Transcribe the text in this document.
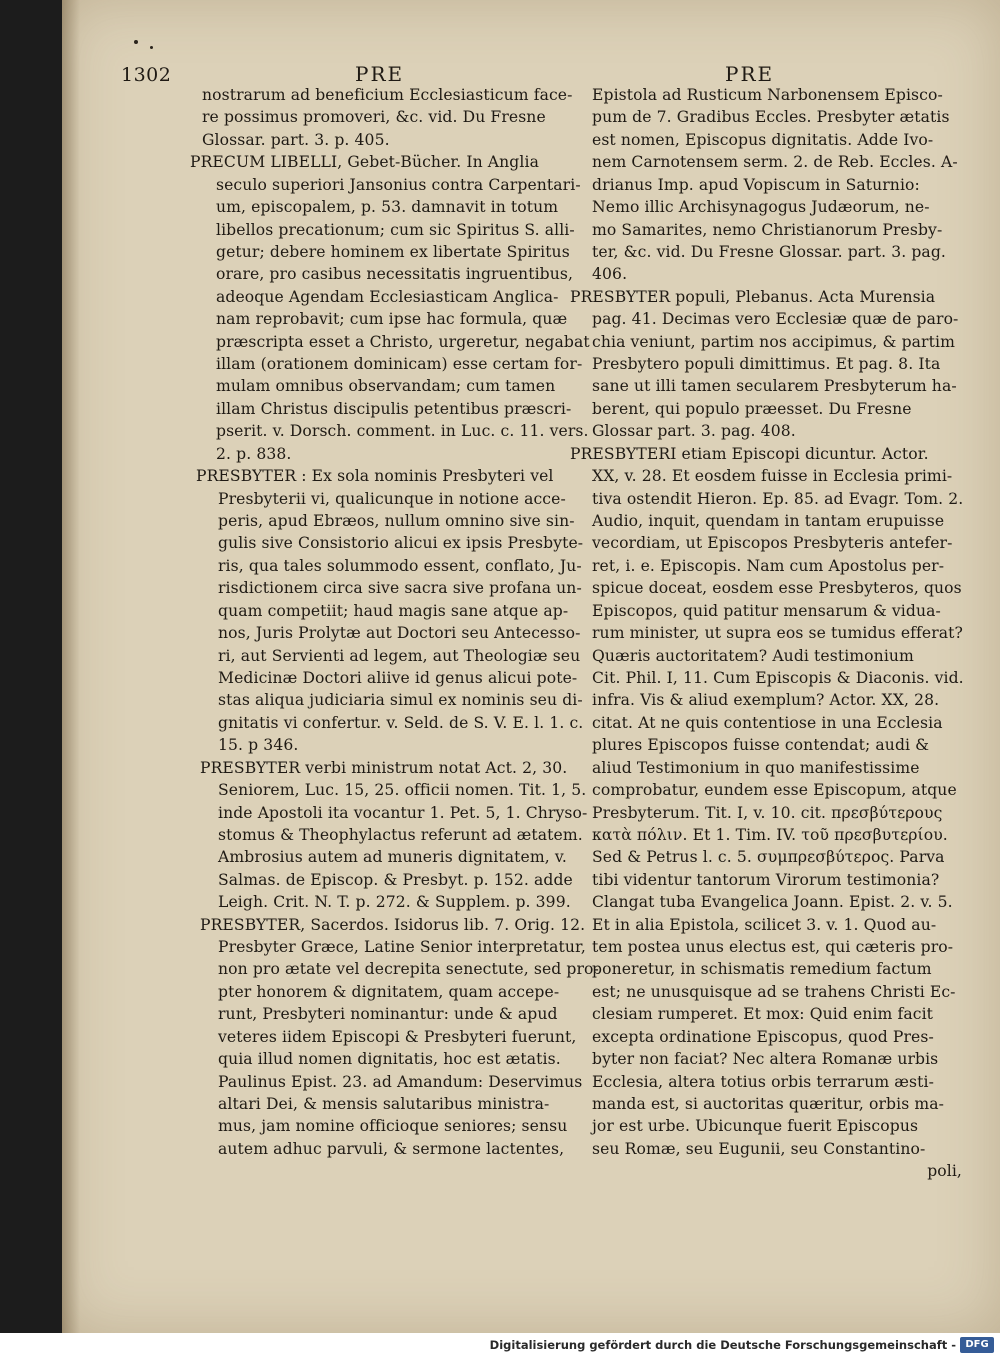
1302	PRE	PRE
nostrarum ad beneficium Ecclesiasticum face-
re possimus promoveri, &c. vid. Du Fresne
Glossar. part. 3. p. 405.
PRECUM LIBELLI, Gebet-Bücher. In Anglia
seculo superiori Jansonius contra Carpentari-
um, episcopalem, p. 53. damnavit in totum
libellos precationum; cum sic Spiritus S. alli-
getur; debere hominem ex libertate Spiritus
orare, pro casibus necessitatis ingruentibus,
adeoque Agendam Ecclesiasticam Anglica-
nam reprobavit; cum ipse hac formula, quæ
præscripta esset a Christo, urgeretur, negabat
illam (orationem dominicam) esse certam for-
mulam omnibus observandam; cum tamen
illam Christus discipulis petentibus præscri-
pserit. v. Dorsch. comment. in Luc. c. 11. vers.
2. p. 838.
PRESBYTER : Ex sola nominis Presbyteri vel
Presbyterii vi, qualicunque in notione acce-
peris, apud Ebræos, nullum omnino sive sin-
gulis sive Consistorio alicui ex ipsis Presbyte-
ris, qua tales solummodo essent, conflato, Ju-
risdictionem circa sive sacra sive profana un-
quam competiit; haud magis sane atque ap-
nos, Juris Prolytæ aut Doctori seu Antecesso-
ri, aut Servienti ad legem, aut Theologiæ seu
Medicinæ Doctori aliive id genus alicui pote-
stas aliqua judiciaria simul ex nominis seu di-
gnitatis vi confertur. v. Seld. de S. V. E. l. 1. c.
15. p 346.
PRESBYTER verbi ministrum notat Act. 2, 30.
Seniorem, Luc. 15, 25. officii nomen. Tit. 1, 5.
inde Apostoli ita vocantur 1. Pet. 5, 1. Chryso-
stomus & Theophylactus referunt ad ætatem.
Ambrosius autem ad muneris dignitatem, v.
Salmas. de Episcop. & Presbyt. p. 152. adde
Leigh. Crit. N. T. p. 272. & Supplem. p. 399.
PRESBYTER, Sacerdos. Isidorus lib. 7. Orig. 12.
Presbyter Græce, Latine Senior interpretatur,
non pro ætate vel decrepita senectute, sed pro-
pter honorem & dignitatem, quam accepe-
runt, Presbyteri nominantur: unde & apud
veteres iidem Episcopi & Presbyteri fuerunt,
quia illud nomen dignitatis, hoc est ætatis.
Paulinus Epist. 23. ad Amandum: Deservimus
altari Dei, & mensis salutaribus ministra-
mus, jam nomine officioque seniores; sensu
autem adhuc parvuli, & sermone lactentes,
Epistola ad Rusticum Narbonensem Episco-
pum de 7. Gradibus Eccles. Presbyter ætatis
est nomen, Episcopus dignitatis. Adde Ivo-
nem Carnotensem serm. 2. de Reb. Eccles. A-
drianus Imp. apud Vopiscum in Saturnio:
Nemo illic Archisynagogus Judæorum, ne-
mo Samarites, nemo Christianorum Presby-
ter, &c. vid. Du Fresne Glossar. part. 3. pag.
406.
PRESBYTER populi, Plebanus. Acta Murensia
pag. 41. Decimas vero Ecclesiæ quæ de paro-
chia veniunt, partim nos accipimus, & partim
Presbytero populi dimittimus. Et pag. 8. Ita
sane ut illi tamen secularem Presbyterum ha-
berent, qui populo præesset. Du Fresne
Glossar part. 3. pag. 408.
PRESBYTERI etiam Episcopi dicuntur. Actor.
XX, v. 28. Et eosdem fuisse in Ecclesia primi-
tiva ostendit Hieron. Ep. 85. ad Evagr. Tom. 2.
Audio, inquit, quendam in tantam erupuisse
vecordiam, ut Episcopos Presbyteris antefer-
ret, i. e. Episcopis. Nam cum Apostolus per-
spicue doceat, eosdem esse Presbyteros, quos
Episcopos, quid patitur mensarum & vidua-
rum minister, ut supra eos se tumidus efferat?
Quæris auctoritatem? Audi testimonium
Cit. Phil. I, 11. Cum Episcopis & Diaconis. vid.
infra. Vis & aliud exemplum? Actor. XX, 28.
citat. At ne quis contentiose in una Ecclesia
plures Episcopos fuisse contendat; audi &
aliud Testimonium in quo manifestissime
comprobatur, eundem esse Episcopum, atque
Presbyterum. Tit. I, v. 10. cit. πρεσβύτερους
κατὰ πόλιν. Et 1. Tim. IV. τοῦ πρεσβυτερίου.
Sed & Petrus l. c. 5. συμπρεσβύτερος. Parva
tibi videntur tantorum Virorum testimonia?
Clangat tuba Evangelica Joann. Epist. 2. v. 5.
Et in alia Epistola, scilicet 3. v. 1. Quod au-
tem postea unus electus est, qui cæteris pro-
poneretur, in schismatis remedium factum
est; ne unusquisque ad se trahens Christi Ec-
clesiam rumperet. Et mox: Quid enim facit
excepta ordinatione Episcopus, quod Pres-
byter non faciat? Nec altera Romanæ urbis
Ecclesia, altera totius orbis terrarum æsti-
manda est, si auctoritas quæritur, orbis ma-
jor est urbe. Ubicunque fuerit Episcopus
seu Romæ, seu Eugunii, seu Constantino-
poli,
Digitalisierung gefördert durch die Deutsche Forschungsgemeinschaft - DFG
